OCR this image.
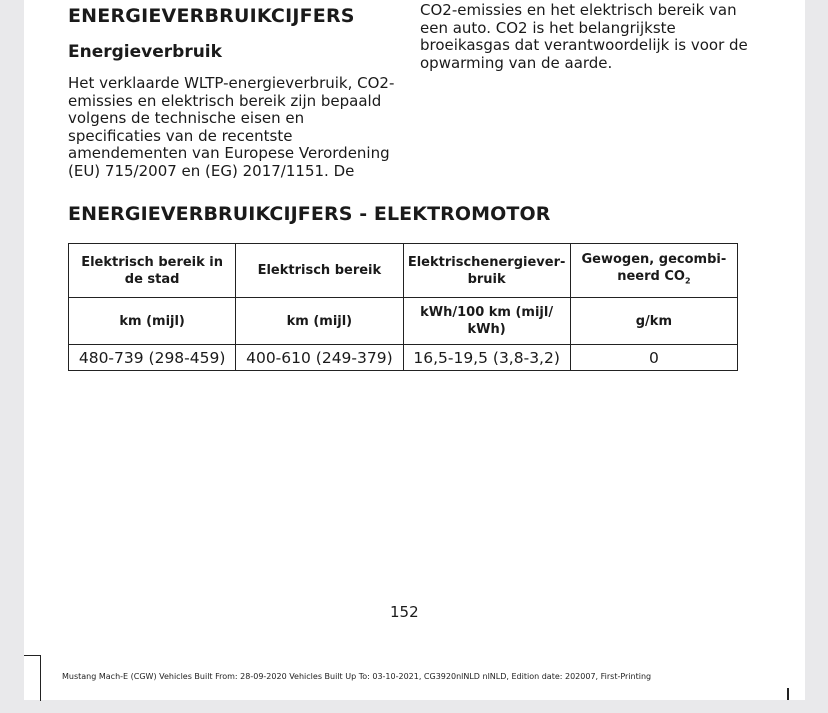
ENERGIEVERBRUIKCIJFERS
Energieverbruik

Het verklaarde WLTP-energieverbruik, CO2-emissies en elektrisch bereik zijn bepaald volgens de technische eisen en specificaties van de recentste amendementen van Europese Verordening (EU) 715/2007 en (EG) 2017/1151. De

CO2-emissies en het elektrisch bereik van een auto. CO2 is het belangrijkste broeikasgas dat verantwoordelijk is voor de opwarming van de aarde.

ENERGIEVERBRUIKCIJFERS - ELEKTROMOTOR
Elektrisch bereik in de stad	Elektrisch bereik	Elektrischenergieverbruik	Gewogen, gecombineerd $CO_2$
km (mijl)	km (mijl)	kWh/100 km (mijl/ kWh)	g/km
480-739 (298-459)	400-610 (249-379)	16,5-19,5 (3,8-3,2)	0

152

Mustang Mach-E (CGW) Vehicles Built From: 28-09-2020 Vehicles Built Up To: 03-10-2021, CG3920nlNLD nlNLD, Edition date: 202007, First-Printing
